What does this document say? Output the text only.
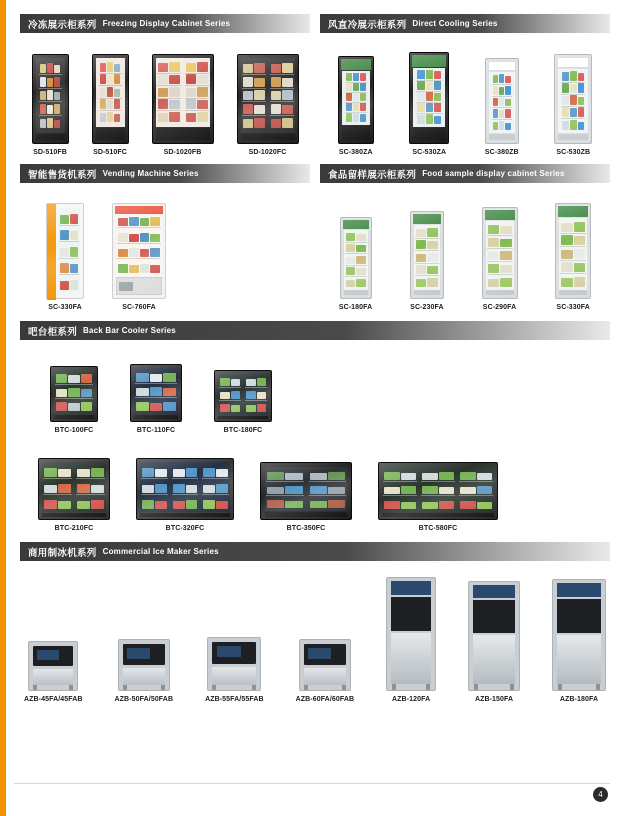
冷冻展示柜系列 Freezing Display Cabinet Series
SD-510FB	SD-510FC	SD-1020FB	SD-1020FC
风直冷展示柜系列 Direct Cooling Series
SC-380ZA	SC-530ZA	SC-380ZB	SC-530ZB
智能售货机系列 Vending Machine Series
SC-330FA	SC-760FA
食品留样展示柜系列 Food sample display cabinet Series
SC-180FA	SC-230FA	SC-290FA	SC-330FA
吧台柜系列 Back Bar Cooler Series
BTC-100FC	BTC-110FC	BTC-180FC
BTC-210FC	BTC-320FC	BTC-350FC	BTC-580FC
商用制冰机系列 Commercial Ice Maker Series
AZB-45FA/45FAB	AZB-50FA/50FAB	AZB-55FA/55FAB	AZB-60FA/60FAB	AZB-120FA	AZB-150FA	AZB-180FA
4
